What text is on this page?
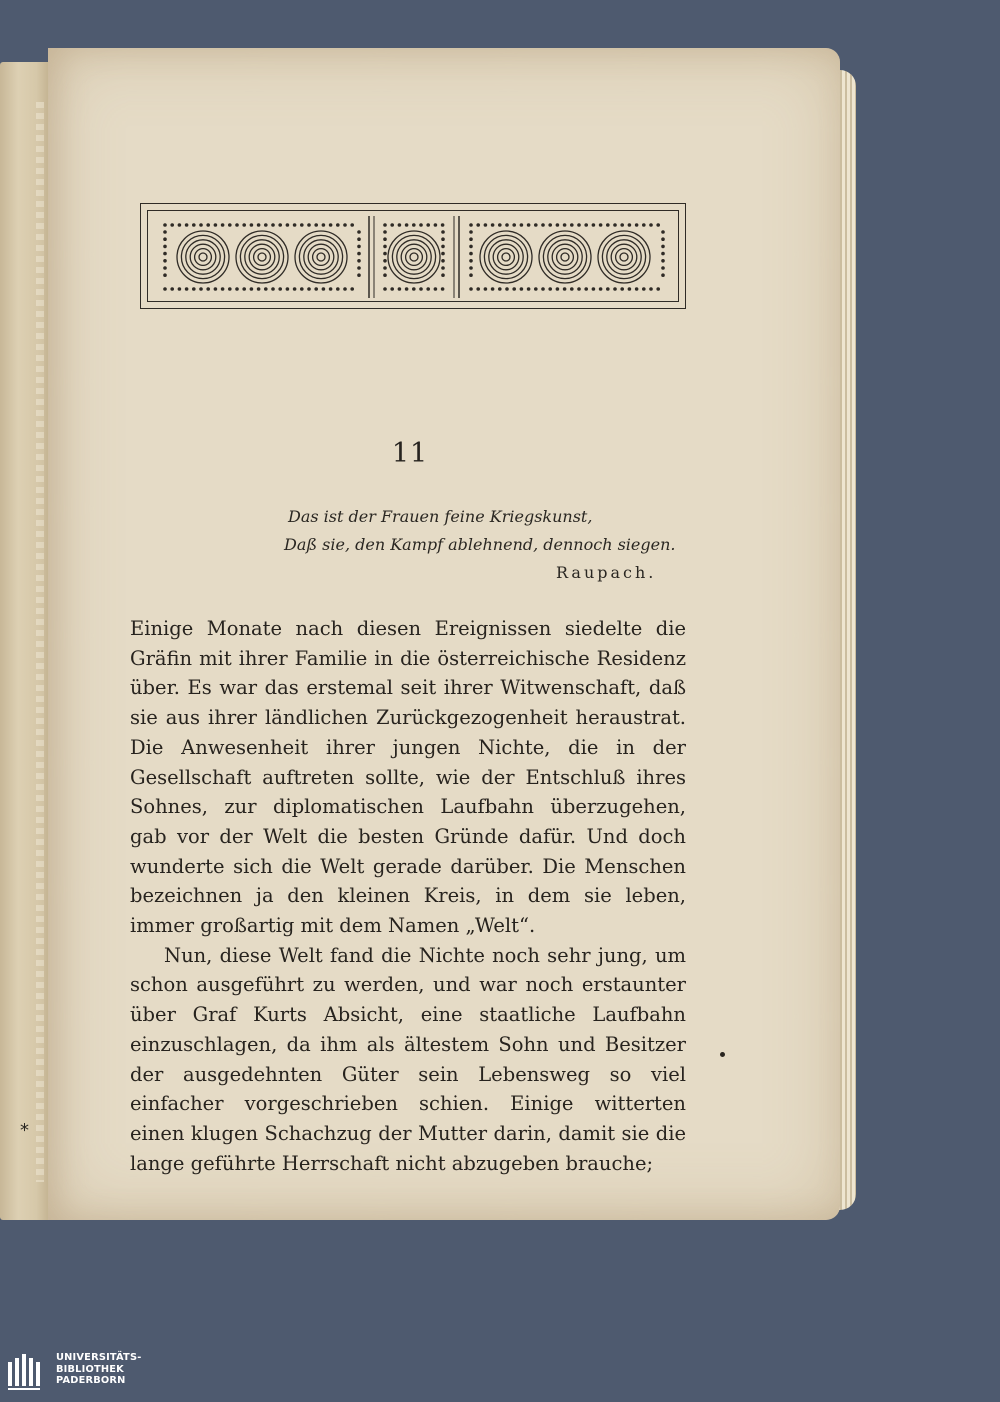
*
11
Das ist der Frauen feine Kriegskunst,
Daß sie, den Kampf ablehnend, dennoch siegen.
Raupach.

Einige Monate nach diesen Ereignissen siedelte die Gräfin mit ihrer Familie in die österreichische Residenz über. Es war das erstemal seit ihrer Witwenschaft, daß sie aus ihrer ländlichen Zurückgezogenheit heraustrat. Die Anwesenheit ihrer jungen Nichte, die in der Gesellschaft auftreten sollte, wie der Entschluß ihres Sohnes, zur diplomatischen Laufbahn überzugehen, gab vor der Welt die besten Gründe dafür. Und doch wunderte sich die Welt gerade darüber. Die Menschen bezeichnen ja den kleinen Kreis, in dem sie leben, immer großartig mit dem Namen „Welt“.

Nun, diese Welt fand die Nichte noch sehr jung, um schon ausgeführt zu werden, und war noch erstaunter über Graf Kurts Absicht, eine staatliche Laufbahn einzuschlagen, da ihm als ältestem Sohn und Besitzer der ausgedehnten Güter sein Lebensweg so viel einfacher vorgeschrieben schien. Einige witterten einen klugen Schachzug der Mutter darin, damit sie die lange geführte Herrschaft nicht abzugeben brauche;

UNIVERSITÄTS-
BIBLIOTHEK
PADERBORN
